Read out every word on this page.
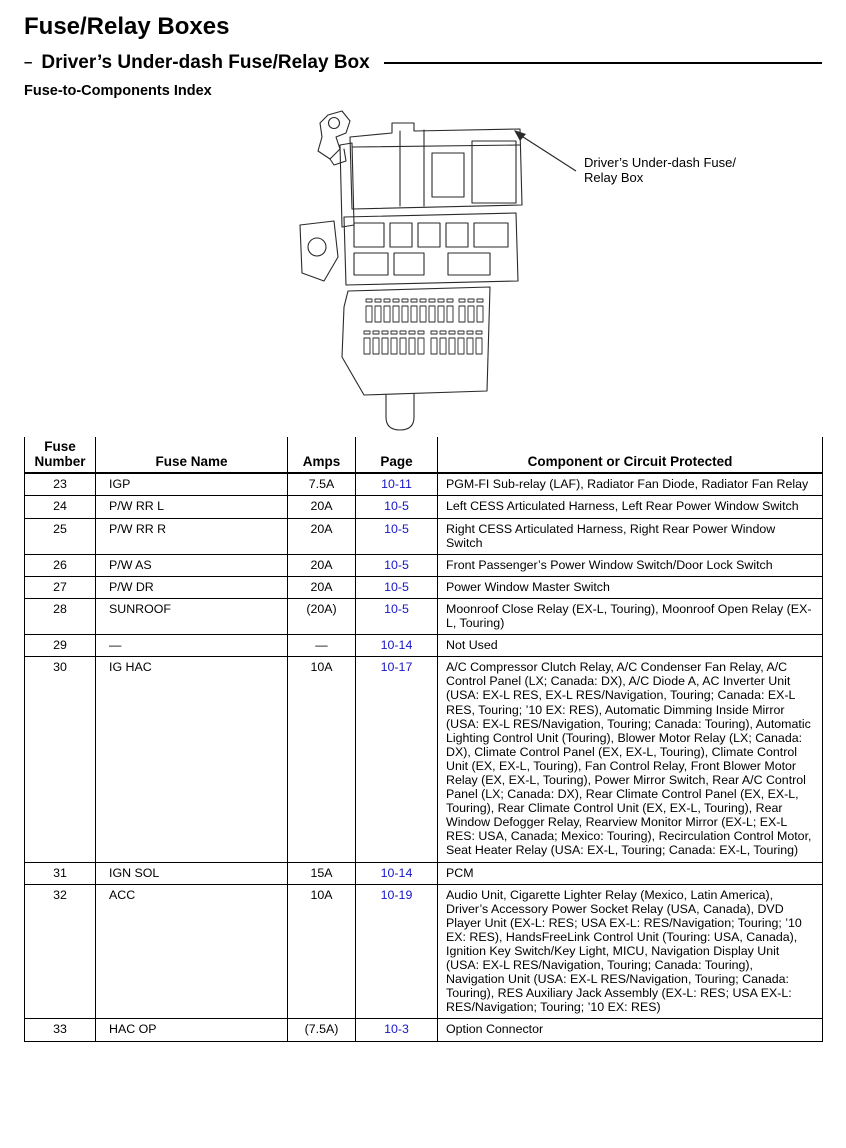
Fuse/Relay Boxes
– Driver’s Under-dash Fuse/Relay Box
Fuse-to-Components Index
Driver’s Under-dash Fuse/
Relay Box
Fuse Number	Fuse Name	Amps	Page	Component or Circuit Protected
23	IGP	7.5A	10-11	PGM-FI Sub-relay (LAF), Radiator Fan Diode, Radiator Fan Relay
24	P/W RR L	20A	10-5	Left CESS Articulated Harness, Left Rear Power Window Switch
25	P/W RR R	20A	10-5	Right CESS Articulated Harness, Right Rear Power Window Switch
26	P/W AS	20A	10-5	Front Passenger’s Power Window Switch/Door Lock Switch
27	P/W DR	20A	10-5	Power Window Master Switch
28	SUNROOF	(20A)	10-5	Moonroof Close Relay (EX-L, Touring), Moonroof Open Relay (EX-L, Touring)
29	—	—	10-14	Not Used
30	IG HAC	10A	10-17	A/C Compressor Clutch Relay, A/C Condenser Fan Relay, A/C Control Panel (LX; Canada: DX), A/C Diode A, AC Inverter Unit (USA: EX-L RES, EX-L RES/Navigation, Touring; Canada: EX-L RES, Touring; ’10 EX: RES), Automatic Dimming Inside Mirror (USA: EX-L RES/Navigation, Touring; Canada: Touring), Automatic Lighting Control Unit (Touring), Blower Motor Relay (LX; Canada: DX), Climate Control Panel (EX, EX-L, Touring), Climate Control Unit (EX, EX-L, Touring), Fan Control Relay, Front Blower Motor Relay (EX, EX-L, Touring), Power Mirror Switch, Rear A/C Control Panel (LX; Canada: DX), Rear Climate Control Panel (EX, EX-L, Touring), Rear Climate Control Unit (EX, EX-L, Touring), Rear Window Defogger Relay, Rearview Monitor Mirror (EX-L; EX-L RES: USA, Canada; Mexico: Touring), Recirculation Control Motor, Seat Heater Relay (USA: EX-L, Touring; Canada: EX-L, Touring)
31	IGN SOL	15A	10-14	PCM
32	ACC	10A	10-19	Audio Unit, Cigarette Lighter Relay (Mexico, Latin America), Driver’s Accessory Power Socket Relay (USA, Canada), DVD Player Unit (EX-L: RES; USA EX-L: RES/Navigation; Touring; ’10 EX: RES), HandsFreeLink Control Unit (Touring: USA, Canada), Ignition Key Switch/Key Light, MICU, Navigation Display Unit (USA: EX-L RES/Navigation, Touring; Canada: Touring), Navigation Unit (USA: EX-L RES/Navigation, Touring; Canada: Touring), RES Auxiliary Jack Assembly (EX-L: RES; USA EX-L: RES/Navigation; Touring; ’10 EX: RES)
33	HAC OP	(7.5A)	10-3	Option Connector
